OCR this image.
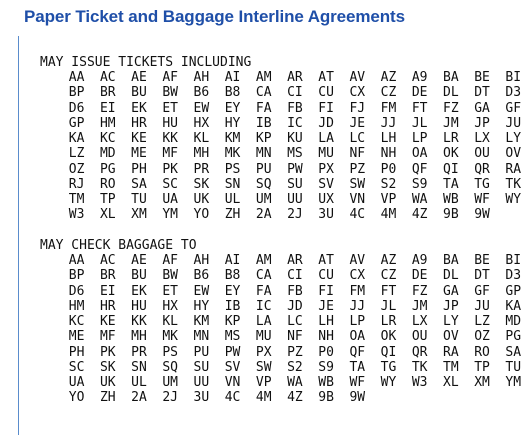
Paper Ticket and Baggage Interline Agreements
MAY ISSUE TICKETS INCLUDING
AA	AC	AE	AF	AH	AI	AM	AR	AT	AV	AZ	A9	BA	BE	BI
BP	BR	BU	BW	B6	B8	CA	CI	CU	CX	CZ	DE	DL	DT	D3
D6	EI	EK	ET	EW	EY	FA	FB	FI	FJ	FM	FT	FZ	GA	GF
GP	HM	HR	HU	HX	HY	IB	IC	JD	JE	JJ	JL	JM	JP	JU
KA	KC	KE	KK	KL	KM	KP	KU	LA	LC	LH	LP	LR	LX	LY
LZ	MD	ME	MF	MH	MK	MN	MS	MU	NF	NH	OA	OK	OU	OV
OZ	PG	PH	PK	PR	PS	PU	PW	PX	PZ	P0	QF	QI	QR	RA
RJ	RO	SA	SC	SK	SN	SQ	SU	SV	SW	S2	S9	TA	TG	TK
TM	TP	TU	UA	UK	UL	UM	UU	UX	VN	VP	WA	WB	WF	WY
W3	XL	XM	YM	YO	ZH	2A	2J	3U	4C	4M	4Z	9B	9W
MAY CHECK BAGGAGE TO
AA	AC	AE	AF	AH	AI	AM	AR	AT	AV	AZ	A9	BA	BE	BI
BP	BR	BU	BW	B6	B8	CA	CI	CU	CX	CZ	DE	DL	DT	D3
D6	EI	EK	ET	EW	EY	FA	FB	FI	FM	FT	FZ	GA	GF	GP
HM	HR	HU	HX	HY	IB	IC	JD	JE	JJ	JL	JM	JP	JU	KA
KC	KE	KK	KL	KM	KP	LA	LC	LH	LP	LR	LX	LY	LZ	MD
ME	MF	MH	MK	MN	MS	MU	NF	NH	OA	OK	OU	OV	OZ	PG
PH	PK	PR	PS	PU	PW	PX	PZ	P0	QF	QI	QR	RA	RO	SA
SC	SK	SN	SQ	SU	SV	SW	S2	S9	TA	TG	TK	TM	TP	TU
UA	UK	UL	UM	UU	VN	VP	WA	WB	WF	WY	W3	XL	XM	YM
YO	ZH	2A	2J	3U	4C	4M	4Z	9B	9W
